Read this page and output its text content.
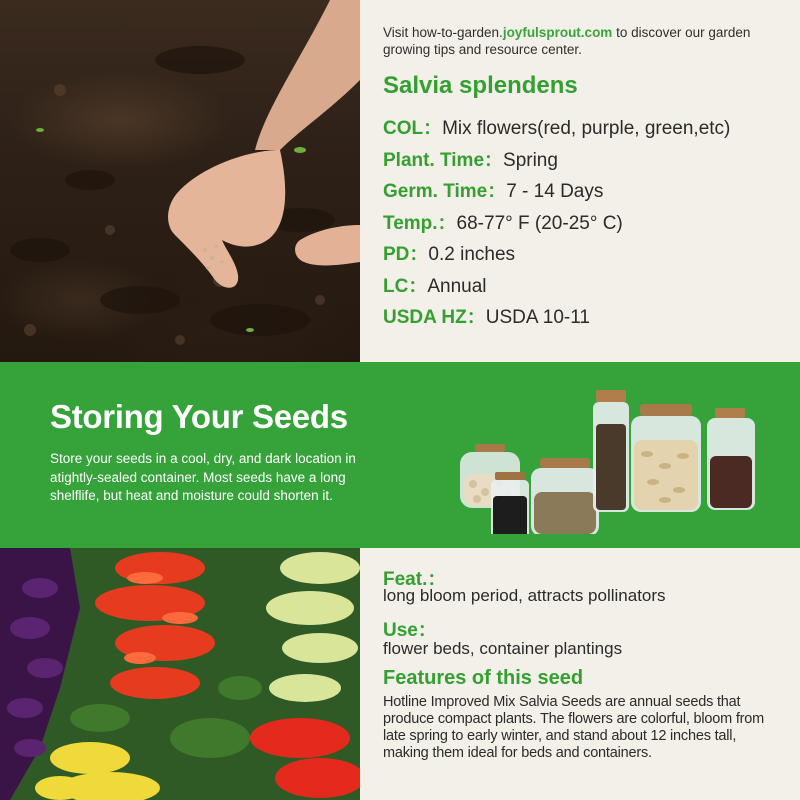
Visit how-to-garden.joyfulsprout.com to discover our garden growing tips and resource center.

Salvia splendens
COL：Mix flowers(red, purple, green,etc)
Plant. Time：Spring
Germ. Time：7 - 14 Days
Temp.：68-77° F (20-25° C)
PD：0.2 inches
LC：Annual
USDA HZ：USDA 10-11
Storing Your Seeds

Store your seeds in a cool, dry, and dark location in atightly-sealed container. Most seeds have a long shelflife, but heat and moisture could shorten it.

Feat.：

long bloom period, attracts pollinators

Use：

flower beds, container plantings

Features of this seed

Hotline Improved Mix Salvia Seeds are annual seeds that produce compact plants. The flowers are colorful, bloom from late spring to early winter, and stand about 12 inches tall, making them ideal for beds and containers.
